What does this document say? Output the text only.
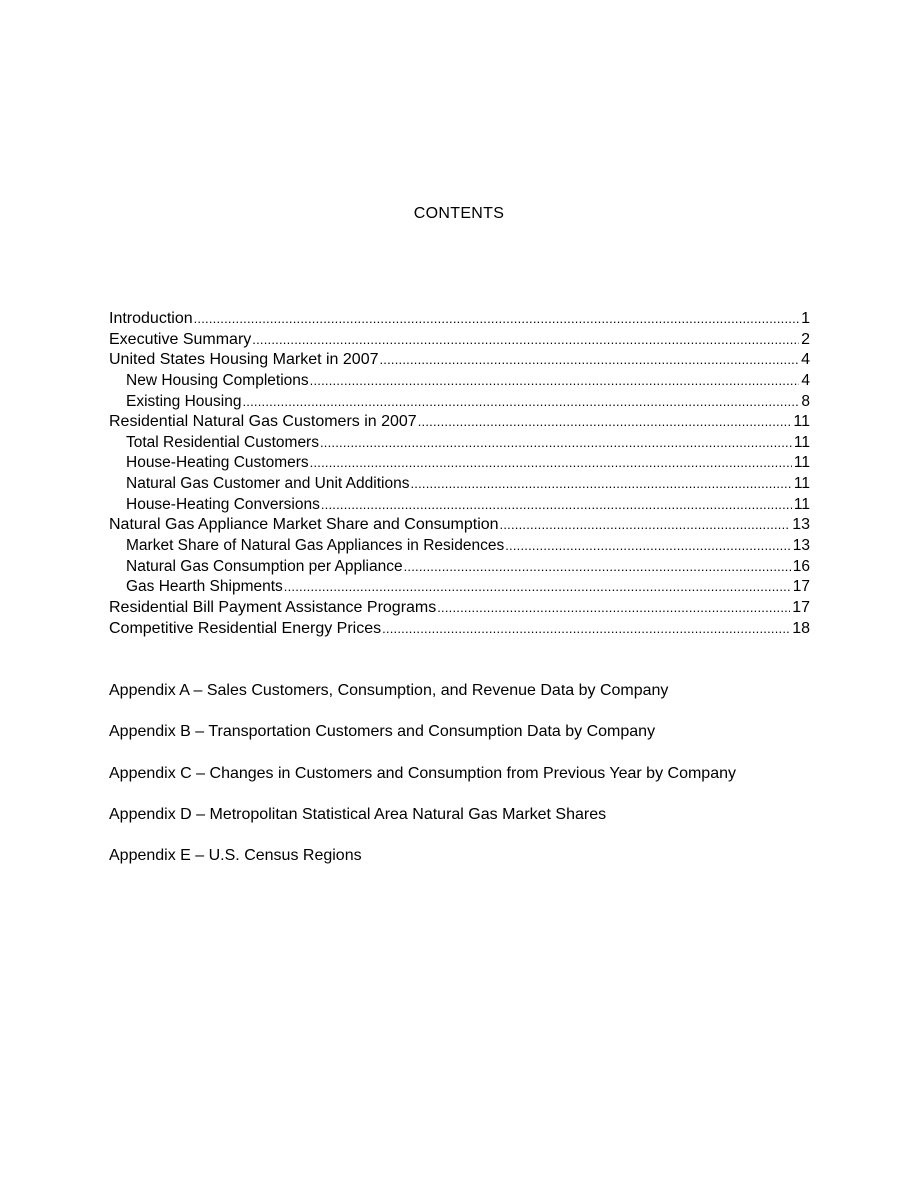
CONTENTS
Introduction .....	1
Executive Summary .....	2
United States Housing Market in 2007 .....	4
New Housing Completions .....	4
Existing Housing .....	8
Residential Natural Gas Customers in 2007 .....	11
Total Residential Customers .....	11
House-Heating Customers .....	11
Natural Gas Customer and Unit Additions .....	11
House-Heating Conversions .....	11
Natural Gas Appliance Market Share and Consumption .....	13
Market Share of Natural Gas Appliances in Residences .....	13
Natural Gas Consumption per Appliance .....	16
Gas Hearth Shipments .....	17
Residential Bill Payment Assistance Programs .....	17
Competitive Residential Energy Prices .....	18
Appendix A – Sales Customers, Consumption, and Revenue Data by Company
Appendix B – Transportation Customers and Consumption Data by Company
Appendix C – Changes in Customers and Consumption from Previous Year by Company
Appendix D – Metropolitan Statistical Area Natural Gas Market Shares
Appendix E – U.S. Census Regions
